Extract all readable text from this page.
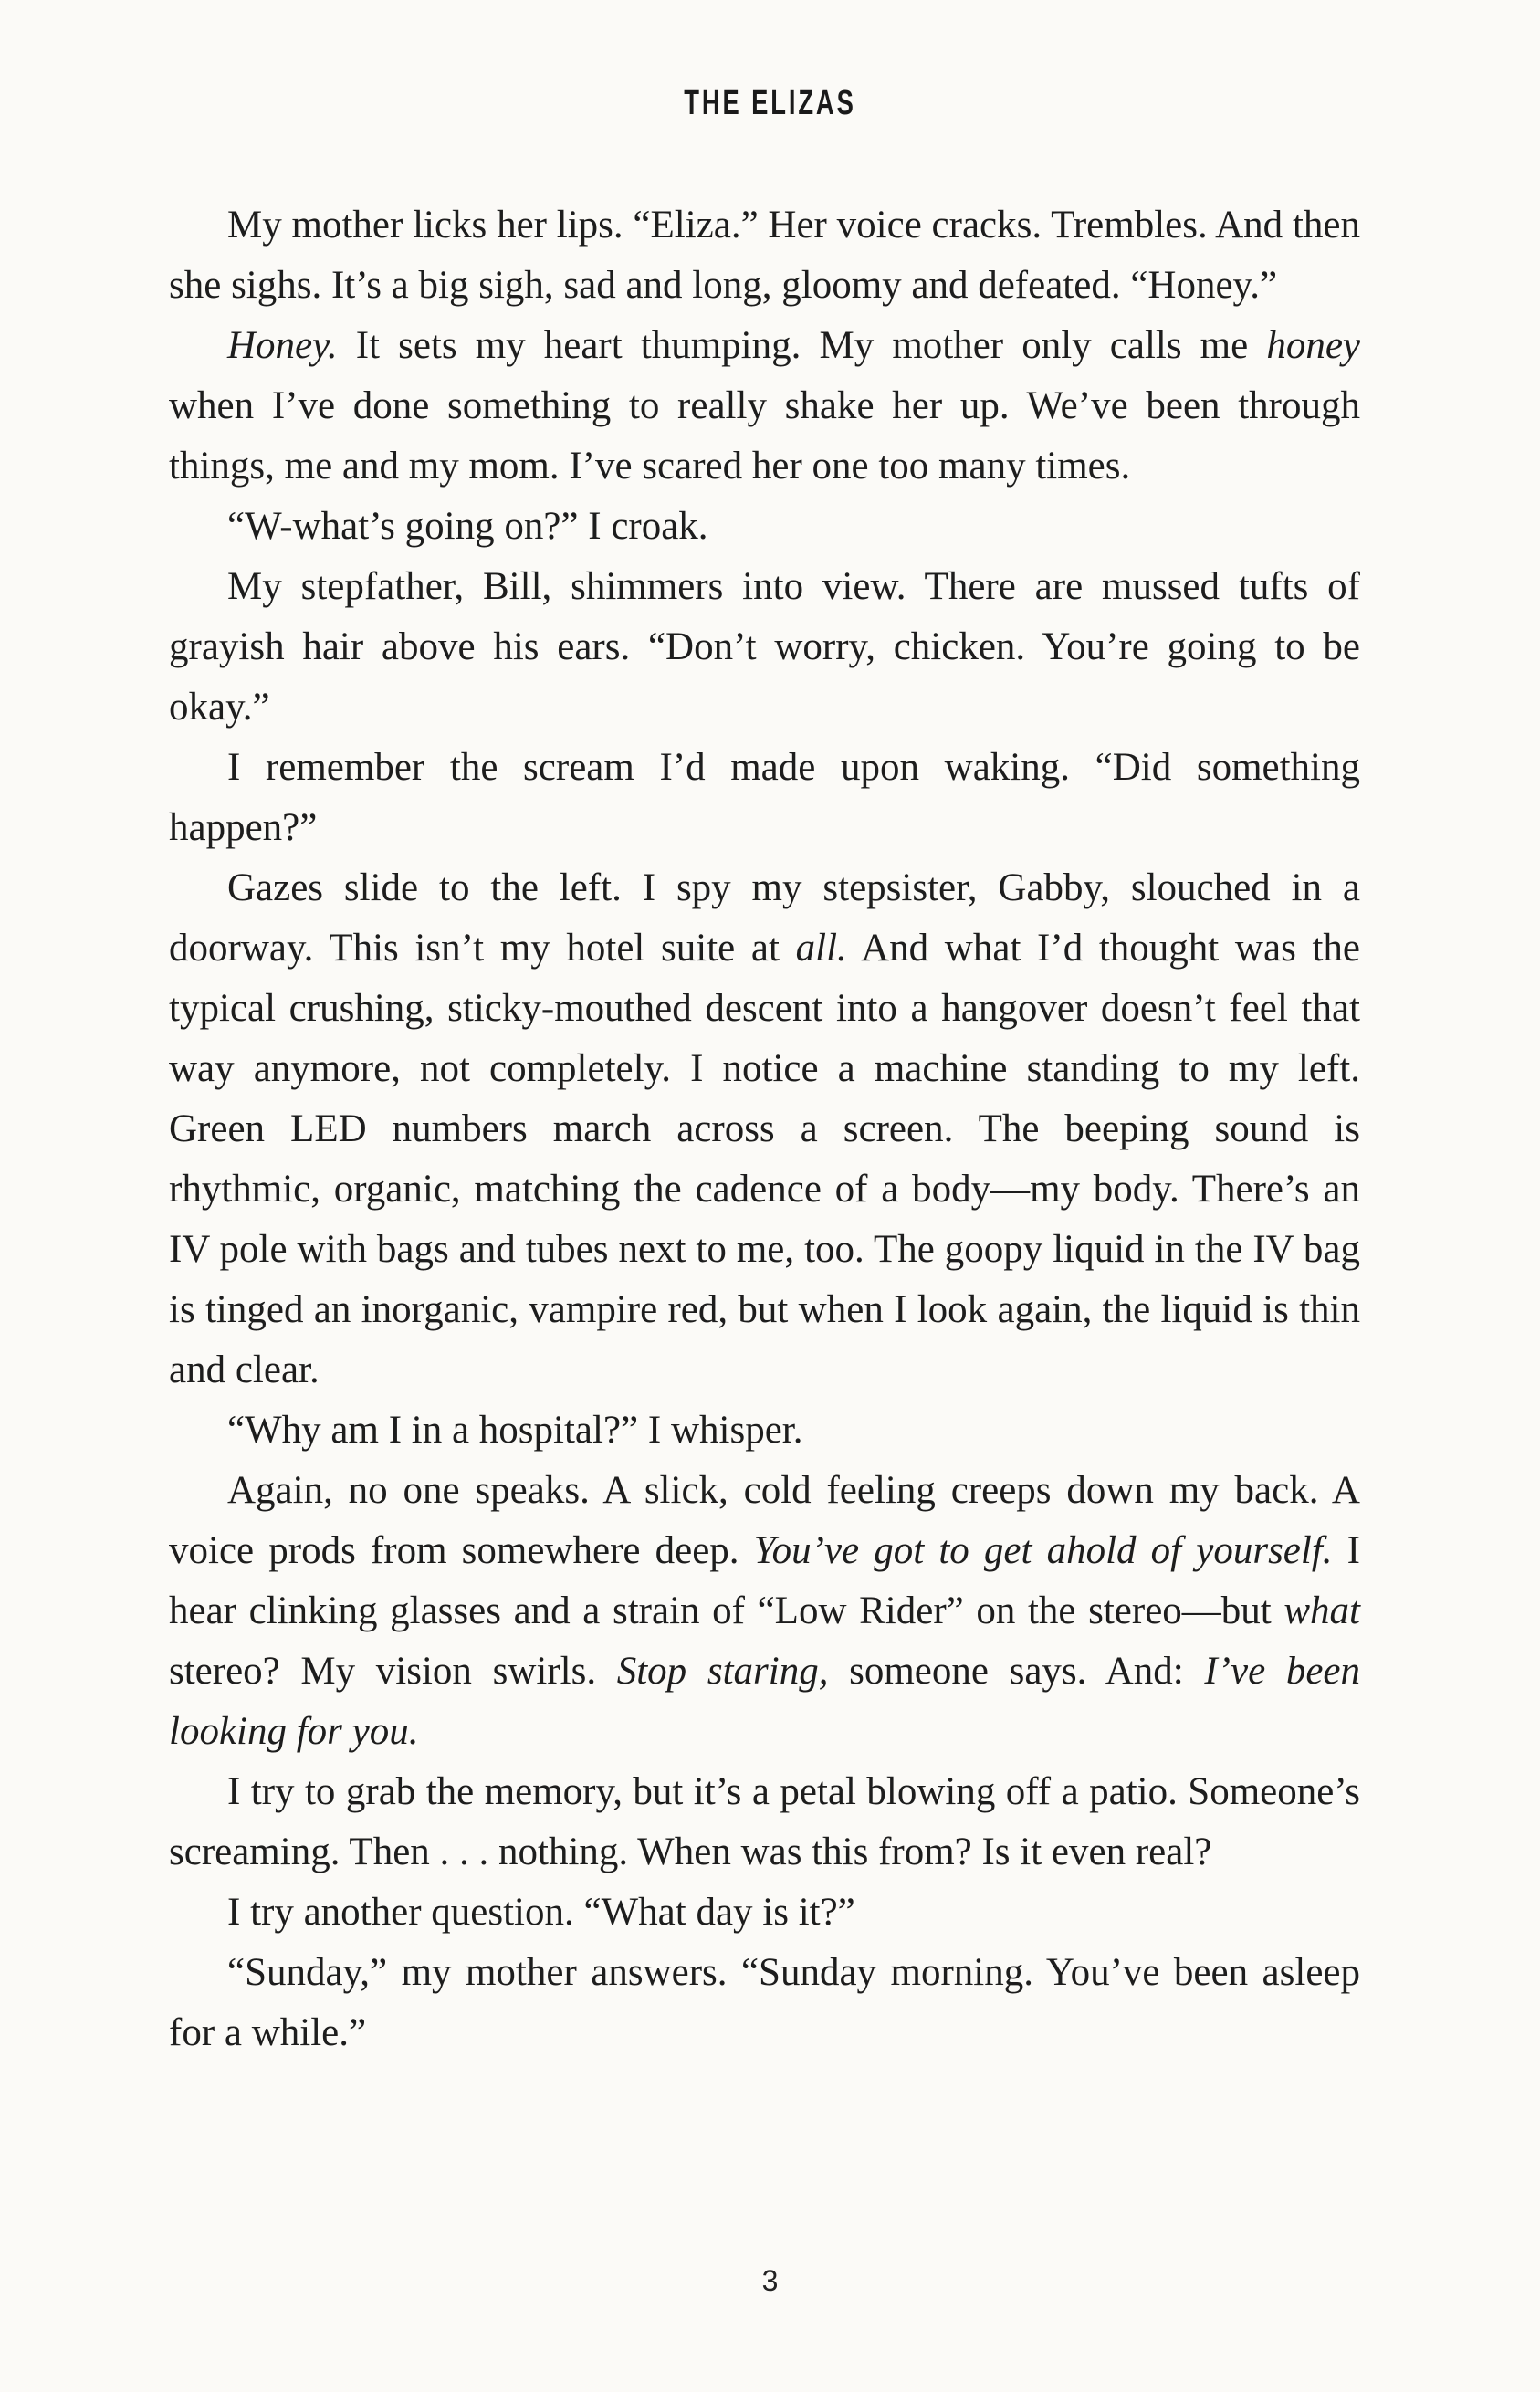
THE ELIZAS

My mother licks her lips. “Eliza.” Her voice cracks. Trembles. And then she sighs. It’s a big sigh, sad and long, gloomy and defeated. “Honey.”

Honey. It sets my heart thumping. My mother only calls me honey when I’ve done something to really shake her up. We’ve been through things, me and my mom. I’ve scared her one too many times.

“W-what’s going on?” I croak.

My stepfather, Bill, shimmers into view. There are mussed tufts of grayish hair above his ears. “Don’t worry, chicken. You’re going to be okay.”

I remember the scream I’d made upon waking. “Did something happen?”

Gazes slide to the left. I spy my stepsister, Gabby, slouched in a doorway. This isn’t my hotel suite at all. And what I’d thought was the typical crushing, sticky-mouthed descent into a hangover doesn’t feel that way anymore, not completely. I notice a machine standing to my left. Green LED numbers march across a screen. The beeping sound is rhythmic, organic, matching the cadence of a body—my body. There’s an IV pole with bags and tubes next to me, too. The goopy liquid in the IV bag is tinged an inorganic, vampire red, but when I look again, the liquid is thin and clear.

“Why am I in a hospital?” I whisper.

Again, no one speaks. A slick, cold feeling creeps down my back. A voice prods from somewhere deep. You’ve got to get ahold of yourself. I hear clinking glasses and a strain of “Low Rider” on the stereo—but what stereo? My vision swirls. Stop staring, someone says. And: I’ve been looking for you.

I try to grab the memory, but it’s a petal blowing off a patio. Someone’s screaming. Then . . . nothing. When was this from? Is it even real?

I try another question. “What day is it?”

“Sunday,” my mother answers. “Sunday morning. You’ve been asleep for a while.”

3
